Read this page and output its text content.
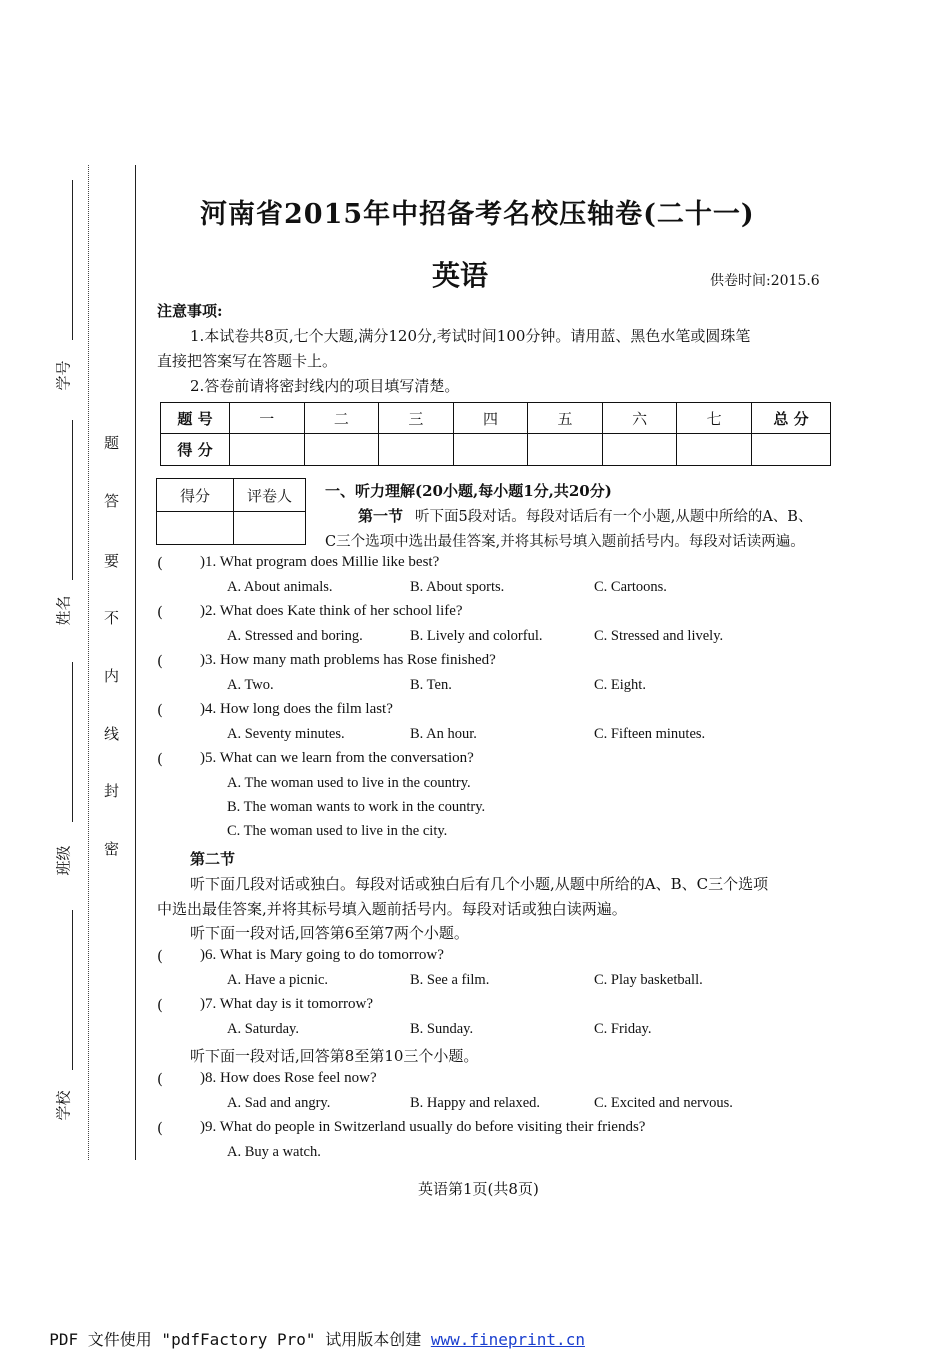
学号
姓名
班级
学校
题
答
要
不
内
线
封
密
河南省2015年中招备考名校压轴卷(二十一)
英语	供卷时间:2015.6
注意事项:
1.本试卷共8页,七个大题,满分120分,考试时间100分钟。请用蓝、黑色水笔或圆珠笔
直接把答案写在答题卡上。
2.答卷前请将密封线内的项目填写清楚。
题 号	一	二	三	四	五	六	七	总 分
得 分								
得分	评卷人
	一、听力理解(20小题,每小题1分,共20分)
第一节 听下面5段对话。每段对话后有一个小题,从题中所给的A、B、
C三个选项中选出最佳答案,并将其标号填入题前括号内。每段对话读两遍。
( )1. What program does Millie like best?
A. About animals.	B. About sports.	C. Cartoons.
( )2. What does Kate think of her school life?
A. Stressed and boring.	B. Lively and colorful.	C. Stressed and lively.
( )3. How many math problems has Rose finished?
A. Two.	B. Ten.	C. Eight.
( )4. How long does the film last?
A. Seventy minutes.	B. An hour.	C. Fifteen minutes.
( )5. What can we learn from the conversation?
A. The woman used to live in the country.
B. The woman wants to work in the country.
C. The woman used to live in the city.
第二节
听下面几段对话或独白。每段对话或独白后有几个小题,从题中所给的A、B、C三个选项
中选出最佳答案,并将其标号填入题前括号内。每段对话或独白读两遍。
听下面一段对话,回答第6至第7两个小题。
( )6. What is Mary going to do tomorrow?
A. Have a picnic.	B. See a film.	C. Play basketball.
( )7. What day is it tomorrow?
A. Saturday.	B. Sunday.	C. Friday.
听下面一段对话,回答第8至第10三个小题。
( )8. How does Rose feel now?
A. Sad and angry.	B. Happy and relaxed.	C. Excited and nervous.
( )9. What do people in Switzerland usually do before visiting their friends?
A. Buy a watch.
英语第1页(共8页)

PDF 文件使用 "pdfFactory Pro" 试用版本创建 www.fineprint.cn
